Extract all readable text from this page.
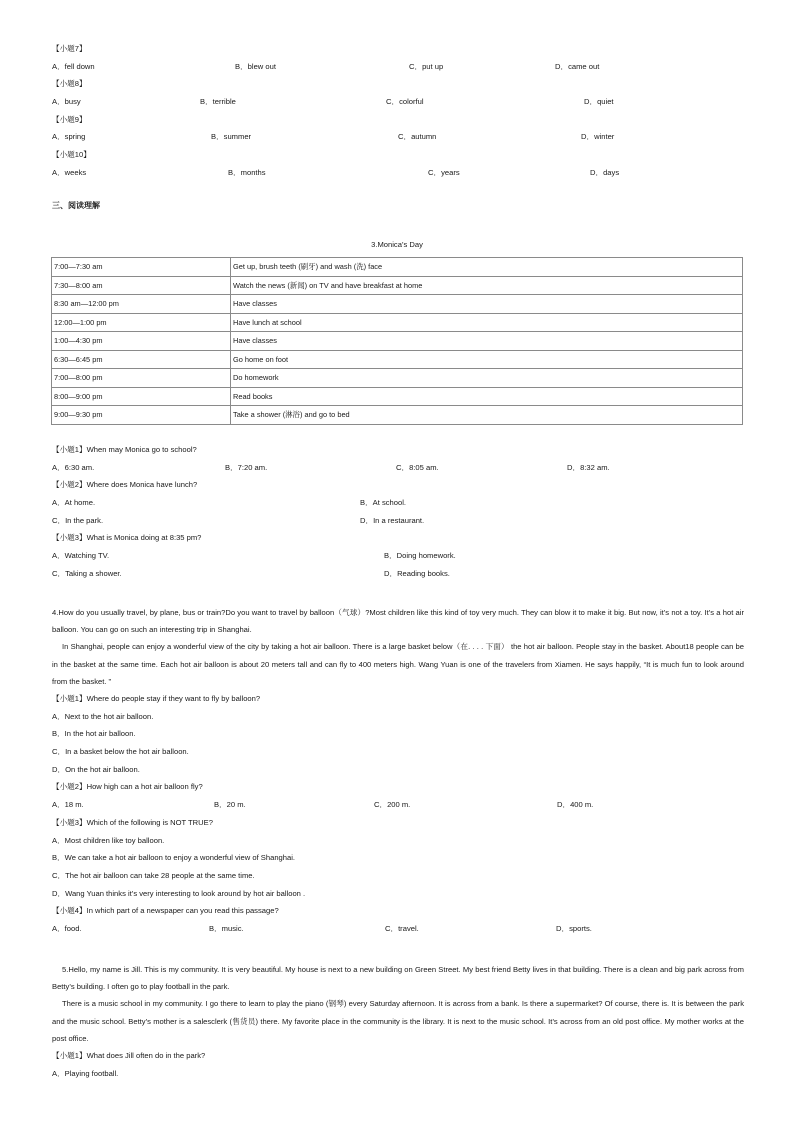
【小题7】
A．fell down	B．blew out	C．put up	D．came out
【小题8】
A．busy	B．terrible	C．colorful	D．quiet
【小题9】
A．spring	B．summer	C．autumn	D．winter
【小题10】
A．weeks	B．months	C．years	D．days
三、阅读理解
3.Monica’s Day
7:00—7:30 am	Get up, brush teeth (刷牙) and wash (洗) face
7:30—8:00 am	Watch the news (新闻) on TV and have breakfast at home
8:30 am—12:00 pm	Have classes
12:00—1:00 pm	Have lunch at school
1:00—4:30 pm	Have classes
6:30—6:45 pm	Go home on foot
7:00—8:00 pm	Do homework
8:00—9:00 pm	Read books
9:00—9:30 pm	Take a shower (淋浴) and go to bed
【小题1】When may Monica go to school?
A．6:30 am.	B．7:20 am.	C．8:05 am.	D．8:32 am.
【小题2】Where does Monica have lunch?
A．At home.	B．At school.
C．In the park.	D．In a restaurant.
【小题3】What is Monica doing at 8:35 pm?
A．Watching TV.	B．Doing homework.
C．Taking a shower.	D．Reading books.
4.How do you usually travel, by plane, bus or train?Do you want to travel by balloon（气球）?Most children like this kind of toy very much. They can blow it to make it big. But now, it’s not a toy. It’s a hot air balloon. You can go on such an interesting trip in Shanghai.
In Shanghai, people can enjoy a wonderful view of the city by taking a hot air balloon. There is a large basket below（在. . . . 下面） the hot air balloon. People stay in the basket. About18 people can be in the basket at the same time. Each hot air balloon is about 20 meters tall and can fly to 400 meters high. Wang Yuan is one of the travelers from Xiamen. He says happily, “It is much fun to look around from the basket. ”
【小题1】Where do people stay if they want to fly by balloon?
A．Next to the hot air balloon.
B．In the hot air balloon.
C．In a basket below the hot air balloon.
D．On the hot air balloon.
【小题2】How high can a hot air balloon fly?
A．18 m.	B．20 m.	C．200 m.	D．400 m.
【小题3】Which of the following is NOT TRUE?
A．Most children like toy balloon.
B．We can take a hot air balloon to enjoy a wonderful view of Shanghai.
C．The hot air balloon can take 28 people at the same time.
D．Wang Yuan thinks it’s very interesting to look around by hot air balloon .
【小题4】In which part of a newspaper can you read this passage?
A．food.	B．music.	C．travel.	D．sports.
5.Hello, my name is Jill. This is my community. It is very beautiful. My house is next to a new building on Green Street. My best friend Betty lives in that building. There is a clean and big park across from Betty’s building. I often go to play football in the park.
There is a music school in my community. I go there to learn to play the piano (钢琴) every Saturday afternoon. It is across from a bank. Is there a supermarket? Of course, there is. It is between the park and the music school. Betty’s mother is a salesclerk (售货员) there. My favorite place in the community is the library. It is next to the music school. It’s across from an old post office. My mother works at the post office.
【小题1】What does Jill often do in the park?
A．Playing football.
